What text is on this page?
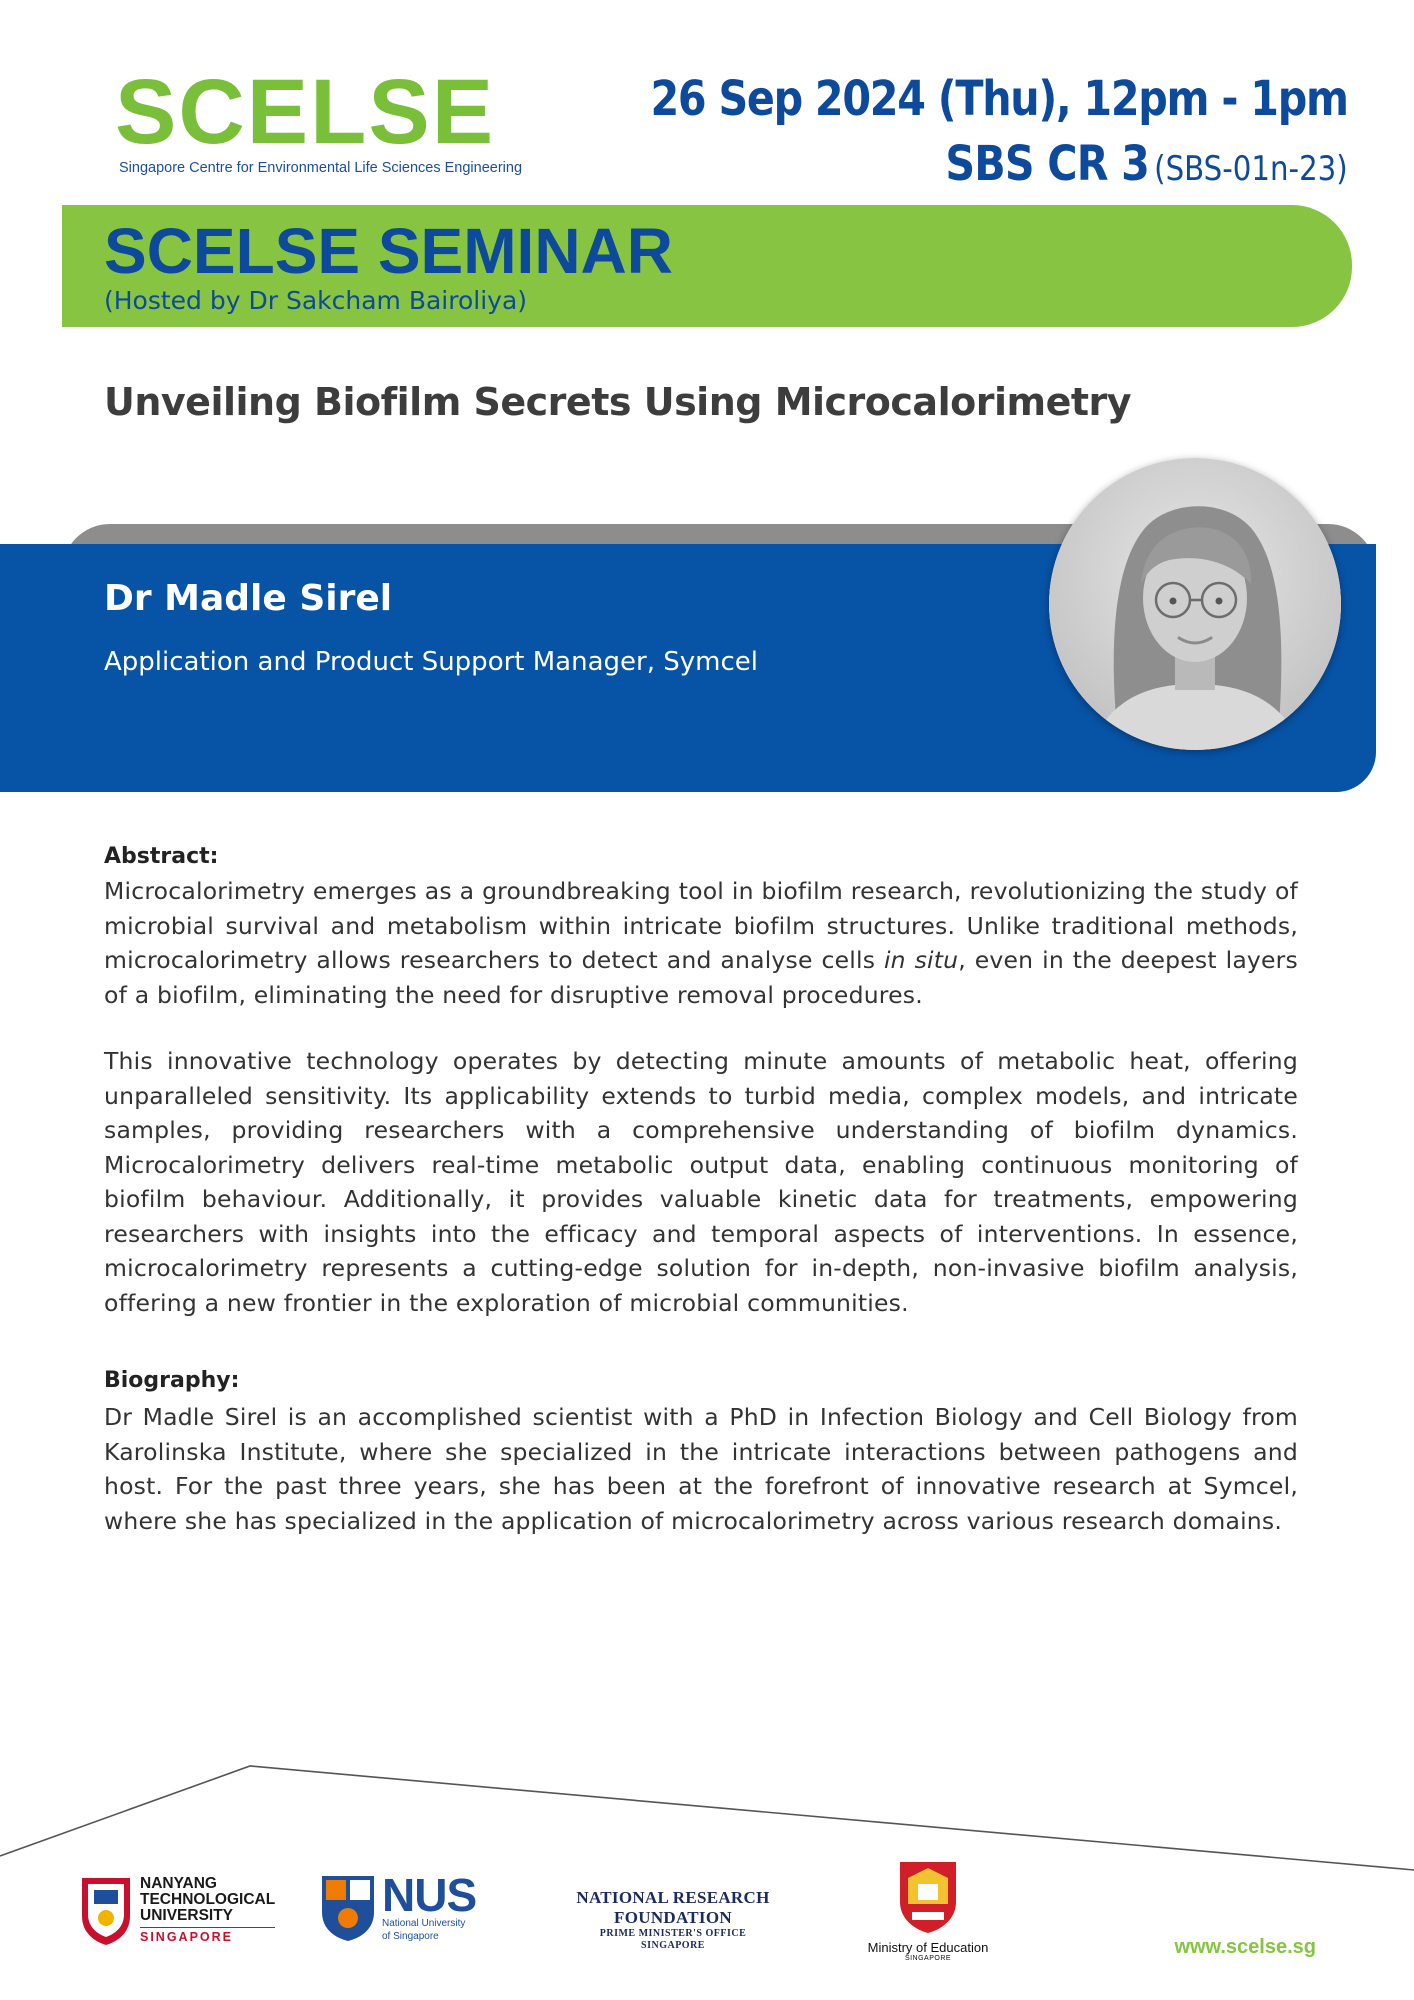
SCELSE
Singapore Centre for Environmental Life Sciences Engineering
26 Sep 2024 (Thu), 12pm - 1pm
SBS CR 3 (SBS-01n-23)
SCELSE SEMINAR
(Hosted by Dr Sakcham Bairoliya)
Unveiling Biofilm Secrets Using Microcalorimetry
Dr Madle Sirel
Application and Product Support Manager, Symcel
Abstract:
Microcalorimetry emerges as a groundbreaking tool in biofilm research, revolutionizing the study of microbial survival and metabolism within intricate biofilm structures. Unlike traditional methods, microcalorimetry allows researchers to detect and analyse cells in situ, even in the deepest layers of a biofilm, eliminating the need for disruptive removal procedures.
This innovative technology operates by detecting minute amounts of metabolic heat, offering unparalleled sensitivity. Its applicability extends to turbid media, complex models, and intricate samples, providing researchers with a comprehensive understanding of biofilm dynamics. Microcalorimetry delivers real-time metabolic output data, enabling continuous monitoring of biofilm behaviour. Additionally, it provides valuable kinetic data for treatments, empowering researchers with insights into the efficacy and temporal aspects of interventions. In essence, microcalorimetry represents a cutting-edge solution for in-depth, non-invasive biofilm analysis, offering a new frontier in the exploration of microbial communities.
Biography:
Dr Madle Sirel is an accomplished scientist with a PhD in Infection Biology and Cell Biology from Karolinska Institute, where she specialized in the intricate interactions between pathogens and host. For the past three years, she has been at the forefront of innovative research at Symcel, where she has specialized in the application of microcalorimetry across various research domains.
NANYANG
TECHNOLOGICAL
UNIVERSITY
SINGAPORE
NUS
National University
of Singapore
NATIONAL RESEARCH FOUNDATION
PRIME MINISTER'S OFFICE
SINGAPORE	Ministry of Education
SINGAPORE
www.scelse.sg
